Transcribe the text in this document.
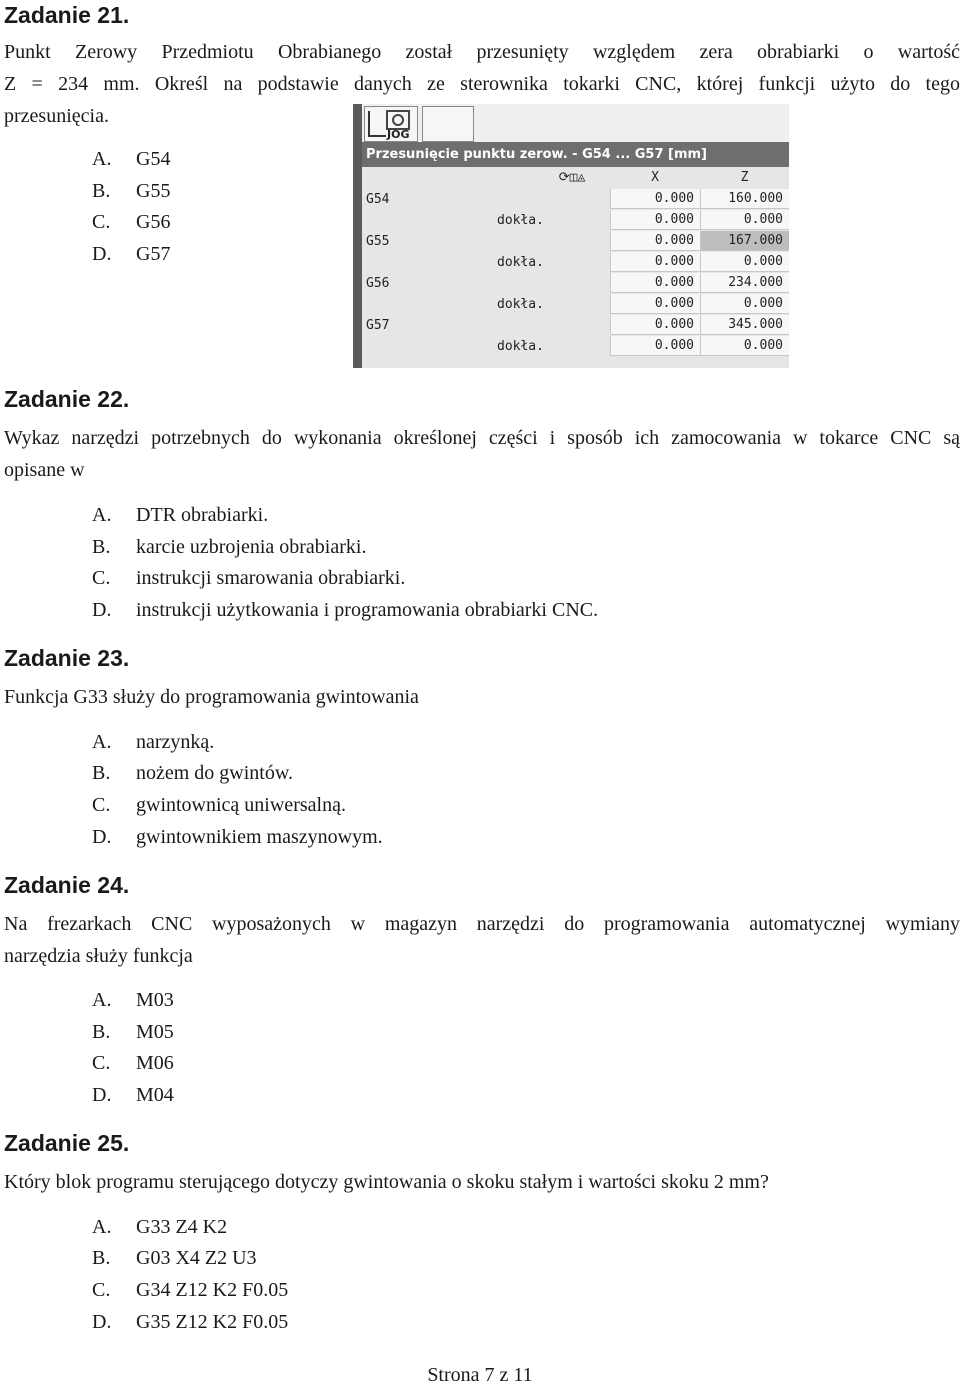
Zadanie 21.
Punkt Zerowy Przedmiotu Obrabianego został przesunięty względem zera obrabiarki o wartość
Z = 234 mm. Określ na podstawie danych ze sterownika tokarki CNC, której funkcji użyto do tego
przesunięcia.
A. G54
B. G55
C. G56
D. G57
JOG
Przesunięcie punktu zerow. - G54 ... G57 [mm]
⟳◫◬	X	Z
G54	0.000	160.000
dokła.	0.000	0.000
G55	0.000	167.000
dokła.	0.000	0.000
G56	0.000	234.000
dokła.	0.000	0.000
G57	0.000	345.000
dokła.	0.000	0.000
Zadanie 22.
Wykaz narzędzi potrzebnych do wykonania określonej części i sposób ich zamocowania w tokarce CNC są
opisane w
A. DTR obrabiarki.
B. karcie uzbrojenia obrabiarki.
C. instrukcji smarowania obrabiarki.
D. instrukcji użytkowania i programowania obrabiarki CNC.
Zadanie 23.
Funkcja G33 służy do programowania gwintowania
A. narzynką.
B. nożem do gwintów.
C. gwintownicą uniwersalną.
D. gwintownikiem maszynowym.
Zadanie 24.
Na frezarkach CNC wyposażonych w magazyn narzędzi do programowania automatycznej wymiany
narzędzia służy funkcja
A. M03
B. M05
C. M06
D. M04
Zadanie 25.
Który blok programu sterującego dotyczy gwintowania o skoku stałym i wartości skoku 2 mm?
A. G33 Z4 K2
B. G03 X4 Z2 U3
C. G34 Z12 K2 F0.05
D. G35 Z12 K2 F0.05
Strona 7 z 11
